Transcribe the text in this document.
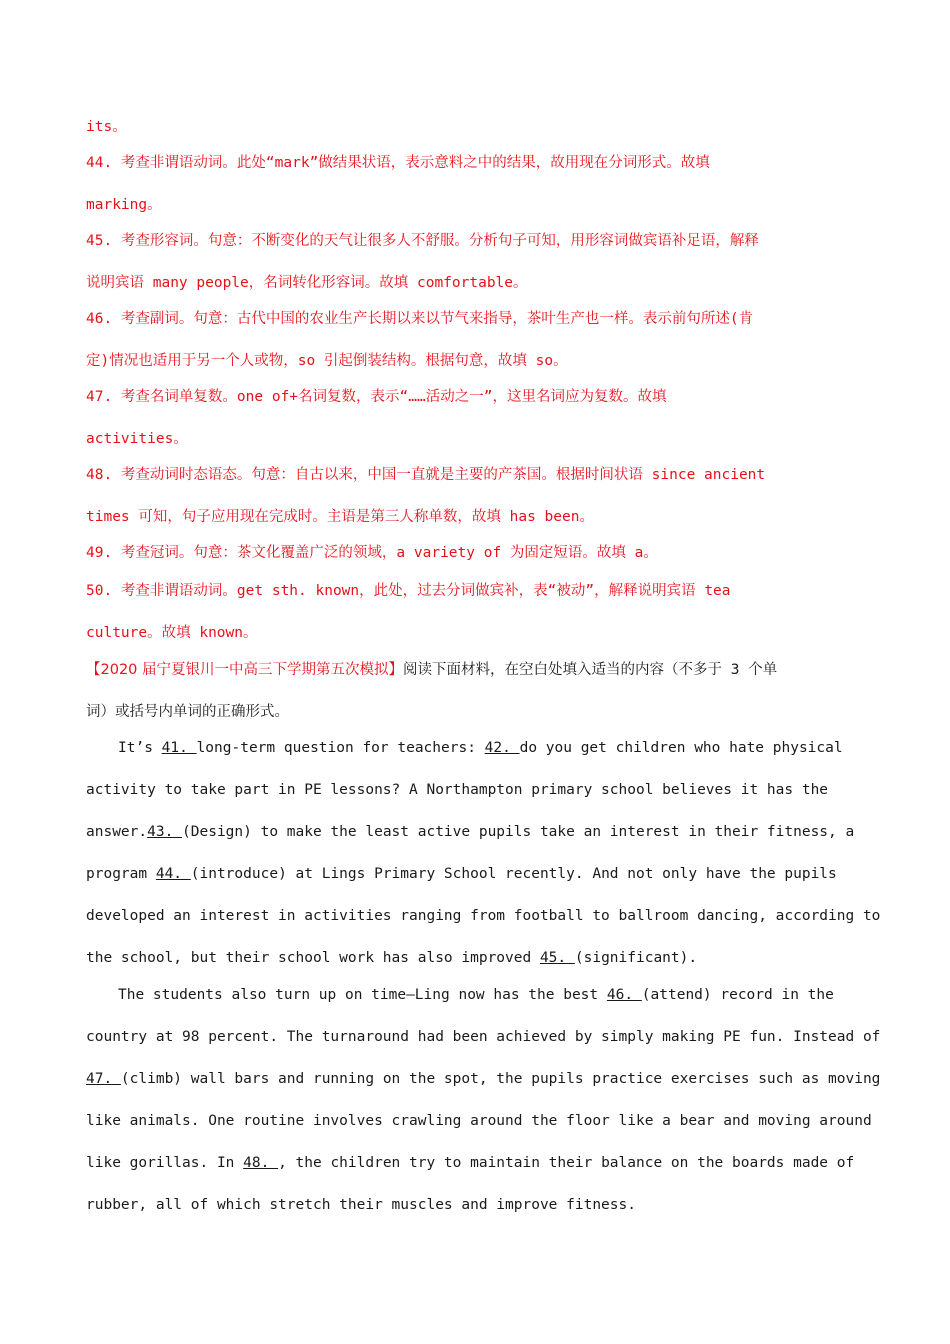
its。
44. 考查非谓语动词。此处“mark”做结果状语，表示意料之中的结果，故用现在分词形式。故填
marking。
45. 考查形容词。句意：不断变化的天气让很多人不舒服。分析句子可知，用形容词做宾语补足语，解释
说明宾语 many people，名词转化形容词。故填 comfortable。
46. 考查副词。句意：古代中国的农业生产长期以来以节气来指导，茶叶生产也一样。表示前句所述(肯
定)情况也适用于另一个人或物，so 引起倒装结构。根据句意，故填 so。
47. 考查名词单复数。one of+名词复数，表示“……活动之一”，这里名词应为复数。故填
activities。
48. 考查动词时态语态。句意：自古以来，中国一直就是主要的产茶国。根据时间状语 since ancient
times 可知，句子应用现在完成时。主语是第三人称单数，故填 has been。
49. 考查冠词。句意：茶文化覆盖广泛的领域，a variety of 为固定短语。故填 a。
50. 考查非谓语动词。get sth. known，此处，过去分词做宾补，表“被动”，解释说明宾语 tea
culture。故填 known。
【2020 届宁夏银川一中高三下学期第五次模拟】阅读下面材料，在空白处填入适当的内容（不多于 3 个单
词）或括号内单词的正确形式。
It’s 41. long-term question for teachers: 42. do you get children who hate physical
activity to take part in PE lessons? A Northampton primary school believes it has the
answer.43. (Design) to make the least active pupils take an interest in their fitness, a
program 44. (introduce) at Lings Primary School recently. And not only have the pupils
developed an interest in activities ranging from football to ballroom dancing, according to
the school, but their school work has also improved 45. (significant).
The students also turn up on time—Ling now has the best 46. (attend) record in the
country at 98 percent. The turnaround had been achieved by simply making PE fun. Instead of
47. (climb) wall bars and running on the spot, the pupils practice exercises such as moving
like animals. One routine involves crawling around the floor like a bear and moving around
like gorillas. In 48. , the children try to maintain their balance on the boards made of
rubber, all of which stretch their muscles and improve fitness.
